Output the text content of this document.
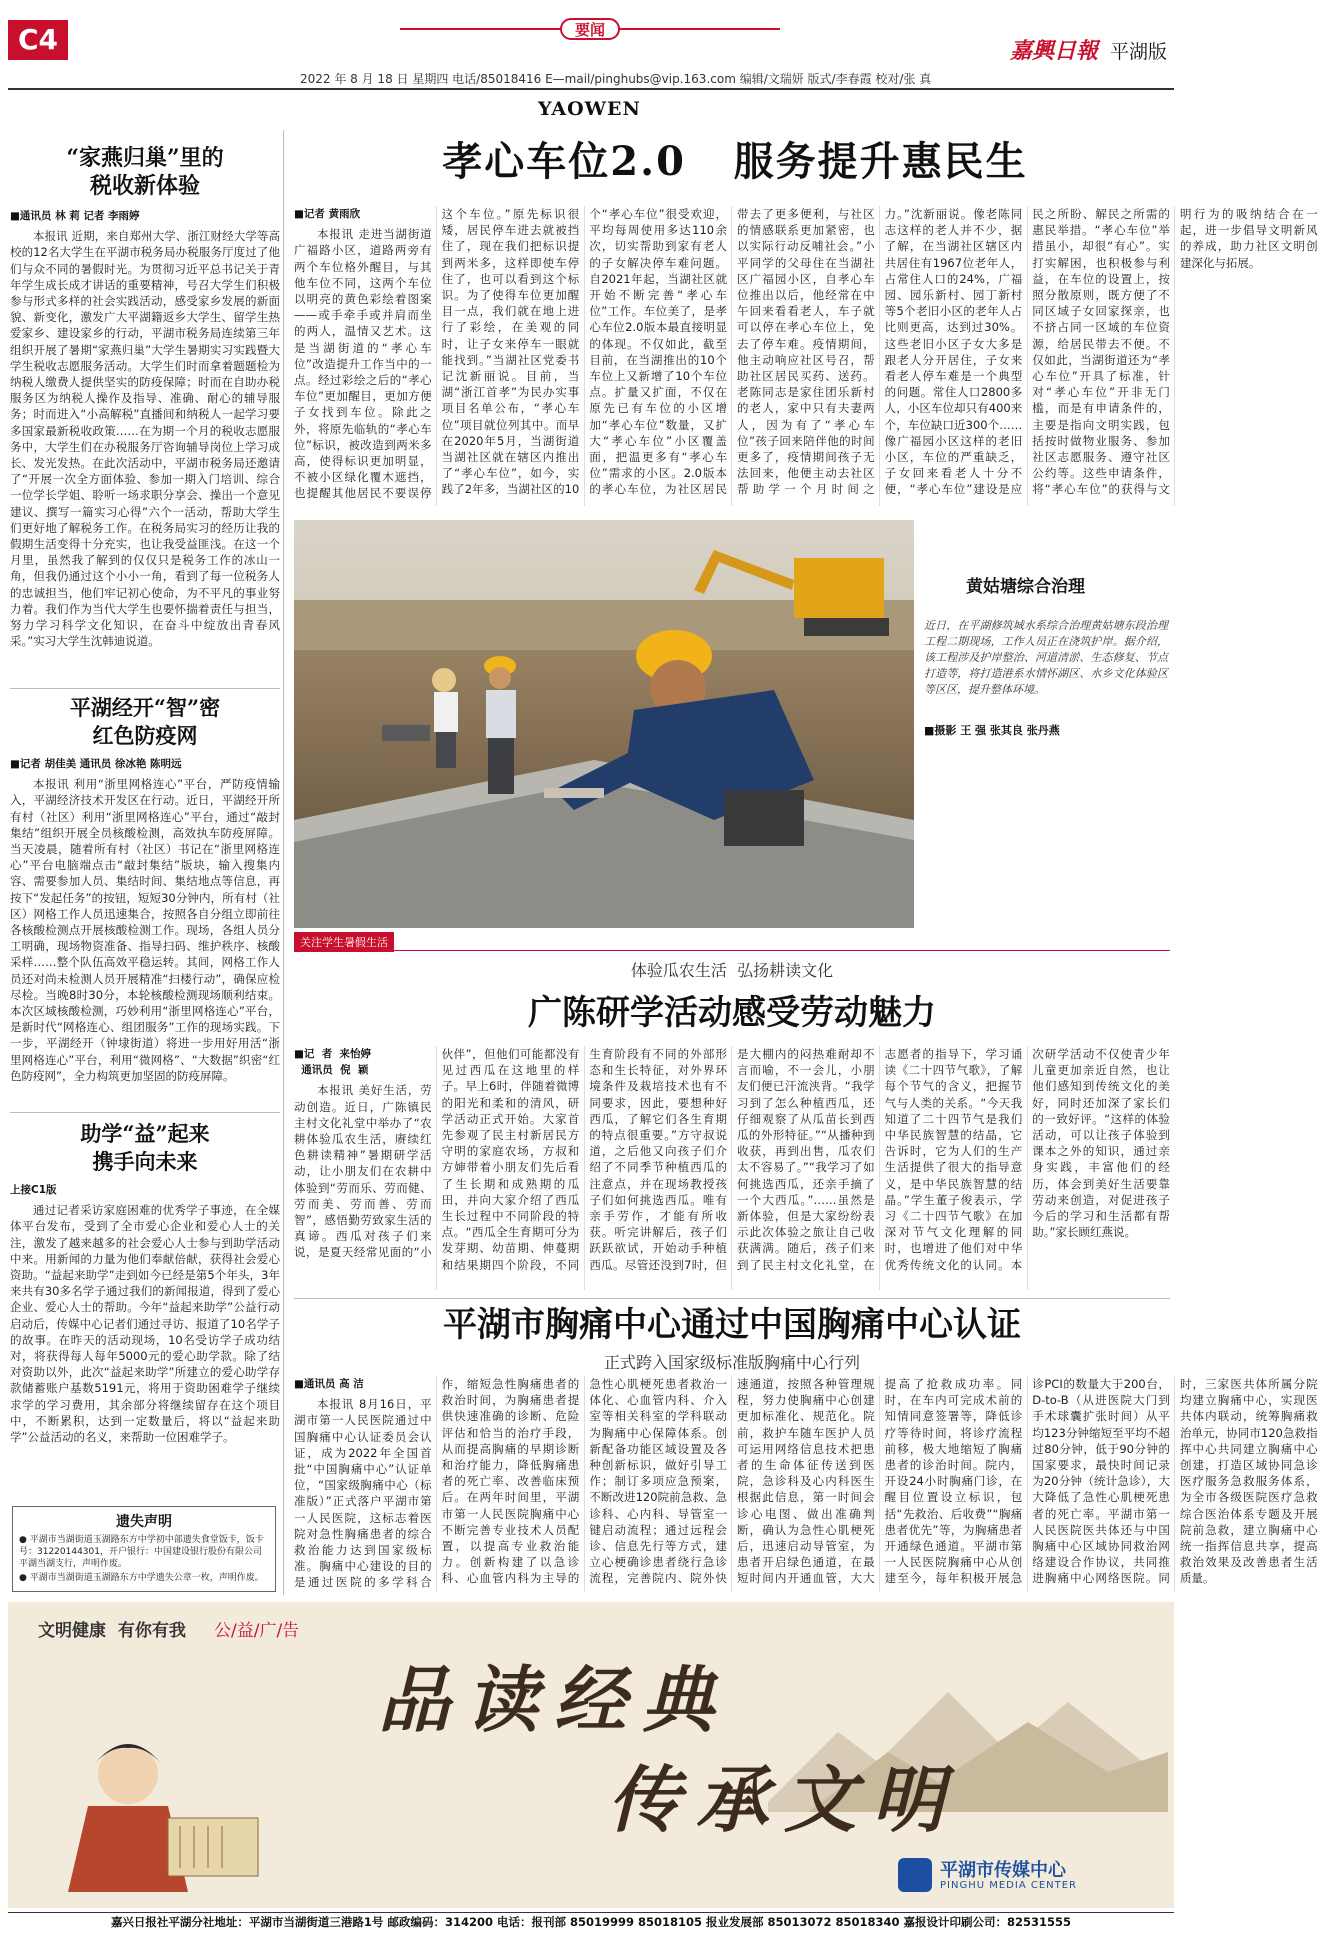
C4	要闻
嘉興日報 平湖版
2022 年 8 月 18 日 星期四 电话/85018416 E—mail/pinghubs@vip.163.com 编辑/文瑞妍 版式/李春霞 校对/张 真
YAOWEN
“家燕归巢”里的
税收新体验
■通讯员 林 莉 记者 李雨婷

本报讯 近期，来自郑州大学、浙江财经大学等高校的12名大学生在平湖市税务局办税服务厅度过了他们与众不同的暑假时光。为贯彻习近平总书记关于青年学生成长成才讲话的重要精神，号召大学生们积极参与形式多样的社会实践活动，感受家乡发展的新面貌、新变化，激发广大平湖籍返乡大学生、留学生热爱家乡、建设家乡的行动，平湖市税务局连续第三年组织开展了暑期“家燕归巢”大学生暑期实习实践暨大学生税收志愿服务活动。大学生们时而拿着题题检为纳税人缴费人提供坚实的防疫保障；时而在自助办税服务区为纳税人操作及指导、准确、耐心的辅导服务；时而进入“小高解税”直播间和纳税人一起学习要多国家最新税收政策……在为期一个月的税收志愿服务中，大学生们在办税服务厅咨询辅导岗位上学习成长、发光发热。在此次活动中，平湖市税务局还邀请了“开展一次全方面体验、参加一期入门培训、综合一位学长学姐、聆听一场求职分享会、操出一个意见建议、撰写一篇实习心得”六个一活动，帮助大学生们更好地了解税务工作。在税务局实习的经历让我的假期生活变得十分充实，也让我受益匪浅。在这一个月里，虽然我了解到的仅仅只是税务工作的冰山一角，但我仍通过这个小小一角，看到了每一位税务人的忠诚担当，他们牢记初心使命，为不平凡的事业努力着。我们作为当代大学生也要怀揣着责任与担当，努力学习科学文化知识，在奋斗中绽放出青春风采。”实习大学生沈韩迪说道。

平湖经开“智”密
红色防疫网
■记者 胡佳美 通讯员 徐冰艳 陈明远

本报讯 利用“浙里网格连心”平台，严防疫情输入，平湖经济技术开发区在行动。近日，平湖经开所有村（社区）利用“浙里网格连心”平台，通过“敲封集结”组织开展全员核酸检测，高效执车防疫屏障。当天凌晨，随着所有村（社区）书记在“浙里网格连心”平台电脑端点击“敲封集结”版块，输入搜集内容、需要参加人员、集结时间、集结地点等信息，再按下“发起任务”的按钮，短短30分钟内，所有村（社区）网格工作人员迅速集合，按照各自分组立即前往各核酸检测点开展核酸检测工作。现场，各组人员分工明确，现场物资准备、指导扫码、维护秩序、核酸采样……整个队伍高效平稳运转。其间，网格工作人员还对尚未检测人员开展精准“扫楼行动”，确保应检尽检。当晚8时30分，本轮核酸检测现场顺利结束。本次区域核酸检测，巧妙利用“浙里网格连心”平台，是新时代“网格连心、组团服务”工作的现场实践。下一步，平湖经开（钟埭街道）将进一步用好用活“浙里网格连心”平台，利用“微网格”、“大数据”织密“红色防疫网”，全力构筑更加坚固的防疫屏障。

助学“益”起来
携手向未来
上接C1版

通过记者采访家庭困难的优秀学子事迹，在全媒体平台发布，受到了全市爱心企业和爱心人士的关注，激发了越来越多的社会爱心人士参与到助学活动中来。用新闻的力量为他们奉献倍献，获得社会爱心资助。“益起来助学”走到如今已经是第5个年头，3年来共有30多名学子通过我们的新闻报道，得到了爱心企业、爱心人士的帮助。今年“益起来助学”公益行动启动后，传媒中心记者们通过寻访、报道了10名学子的故事。在昨天的活动现场，10名受访学子成功结对，将获得每人每年5000元的爱心助学款。除了结对资助以外，此次“益起来助学”所建立的爱心助学存款储蓄账户基数5191元，将用于资助困难学子继续求学的学习费用，其余部分将继续留存在这个项目中，不断累积，达到一定数量后，将以“益起来助学”公益活动的名义，来帮助一位困难学子。

遗失声明
● 平湖市当湖街道玉湖路东方中学初中部遗失食堂饭卡，饭卡号：31220144301，开户银行：中国建设银行股份有限公司平湖当湖支行，声明作废。
● 平湖市当湖街道玉湖路东方中学遗失公章一枚，声明作废。
孝心车位2.0   服务提升惠民生
■记者 黄雨欣

本报讯 走进当湖街道广福路小区，道路两旁有两个车位格外醒目，与其他车位不同，这两个车位以明亮的黄色彩绘着图案——或手牵手或并肩而坐的两人，温情又艺术。这是当湖街道的“孝心车位”改造提升工作当中的一点。经过彩绘之后的“孝心车位”更加醒目，更加方便子女找到车位。除此之外，将原先临轨的“孝心车位”标识，被改造到两米多高，使得标识更加明显，不被小区绿化覆木遮挡，也提醒其他居民不要误停这个车位。”原先标识很矮，居民停车进去就被挡住了，现在我们把标识提到两米多，这样即使车停住了，也可以看到这个标识。为了使得车位更加醒目一点，我们就在地上进行了彩绘，在美观的同时，让子女来停车一眼就能找到。”当湖社区党委书记沈新丽说。目前，当湖“浙江首孝”为民办实事项目名单公布，“孝心车位”项目就位列其中。而早在2020年5月，当湖街道当湖社区就在辖区内推出了“孝心车位”，如今，实践了2年多，当湖社区的10个“孝心车位”很受欢迎，平均每周使用多达110余次，切实帮助到家有老人的子女解决停车难问题。自2021年起，当湖社区就开始不断完善“孝心车位”工作。车位美了，是孝心车位2.0版本最直接明显的体现。不仅如此，截至目前，在当湖推出的10个车位上又新增了10个车位点。扩量又扩面，不仅在原先已有车位的小区增加“孝心车位”数量，又扩大“孝心车位”小区覆盖面，把温更多有“孝心车位”需求的小区。2.0版本的孝心车位，为社区居民带去了更多便利，与社区的情感联系更加紧密，也以实际行动反哺社会。”小平同学的父母住在当湖社区广福园小区，自孝心车位推出以后，他经常在中午回来看看老人，车子就可以停在孝心车位上，免去了停车难。疫情期间，他主动响应社区号召，帮助社区居民买药、送药。老陈同志是家住团乐新村的老人，家中只有夫妻两人，因为有了“孝心车位”孩子回来陪伴他的时间更多了，疫情期间孩子无法回来，他便主动去社区帮助学一个月时间之力。”沈新丽说。像老陈同志这样的老人并不少，据了解，在当湖社区辖区内共居住有1967位老年人，占常住人口的24%，广福园、园乐新村、园丁新村等5个老旧小区的老年人占比则更高，达到过30%。这些老旧小区子女大多是跟老人分开居住，子女来看老人停车难是一个典型的问题。常住人口2800多人，小区车位却只有400来个，车位缺口近300个……像广福园小区这样的老旧小区，车位的严重缺乏，子女回来看老人十分不便，“孝心车位”建设是应民之所盼、解民之所需的惠民举措。“孝心车位”举措虽小，却很“有心”。实打实解困，也积极参与利益，在车位的设置上，按照分散原则，既方便了不同区域子女回家探亲，也不挤占同一区域的车位资源，给居民带去不便。不仅如此，当湖街道还为“孝心车位”开具了标准，针对“孝心车位”开非无门槛，而是有申请条件的，主要是指向文明实践，包括按时做物业服务、参加社区志愿服务、遵守社区公约等。这些申请条件，将“孝心车位”的获得与文明行为的吸纳结合在一起，进一步倡导文明新风的养成，助力社区文明创建深化与拓展。

黄姑塘综合治理
近日，在平湖修筑城水系综合治理黄姑塘东段治理工程二期现场，工作人员正在浇筑护岸。据介绍，该工程涉及护岸整治、河道清淤、生态修复、节点打造等，将打造港系水情怀湖区、水乡文化体验区等区区，提升整体环境。
■摄影 王 强 张其良 张丹燕
关注学生暑假生活
体验瓜农生活  弘扬耕读文化
广陈研学活动感受劳动魅力
■记  者  来怡婷
通讯员  倪  颖

本报讯 美好生活，劳动创造。近日，广陈镇民主村文化礼堂中举办了“农耕体验瓜农生活，赓续红色耕读精神”暑期研学活动，让小朋友们在农耕中体验到“劳而乐、劳而健、劳而美、劳而善、劳而智”，感悟勤劳致家生活的真谛。西瓜对孩子们来说，是夏天经常见面的“小伙伴”，但他们可能都没有见过西瓜在这地里的样子。早上6时，伴随着微博的阳光和柔和的清风，研学活动正式开始。大家首先参观了民主村新居民方守明的家庭农场，方叔和方婶带着小朋友们先后看了生长期和成熟期的瓜田，并向大家介绍了西瓜生长过程中不同阶段的特点。“西瓜全生育期可分为发芽期、幼苗期、伸蔓期和结果期四个阶段，不同生育阶段有不同的外部形态和生长特征，对外界环境条件及栽培技术也有不同要求，因此，要想种好西瓜，了解它们各生育期的特点很重要。”方守叔说道，之后他又向孩子们介绍了不同季节种植西瓜的注意点，并在现场教授孩子们如何挑选西瓜。唯有亲手劳作，才能有所收获。听完讲解后，孩子们跃跃欲试，开始动手种植西瓜。尽管还没到7时，但是大棚内的闷热难耐却不言而喻，不一会儿，小朋友们便已汗流浃背。“我学习到了怎么种植西瓜，还仔细观察了从瓜苗长到西瓜的外形特征。”“从播种到收获，再到出售，瓜农们太不容易了。”“我学习了如何挑选西瓜，还亲手摘了一个大西瓜。”……虽然是新体验，但是大家纷纷表示此次体验之旅让自己收获满满。随后，孩子们来到了民主村文化礼堂，在志愿者的指导下，学习诵读《二十四节气歌》，了解每个节气的含义，把握节气与人类的关系。“今天我知道了二十四节气是我们中华民族智慧的结晶，它告诉时，它为人们的生产生活提供了很大的指导意义，是中华民族智慧的结晶。”学生董子俊表示，学习《二十四节气歌》在加深对节气文化理解的同时，也增进了他们对中华优秀传统文化的认同。本次研学活动不仅使青少年儿童更加亲近自然，也让他们感知到传统文化的美好，同时还加深了家长们的一致好评。“这样的体验活动，可以让孩子体验到课本之外的知识，通过亲身实践，丰富他们的经历，体会到美好生活要靠劳动来创造，对促进孩子今后的学习和生活都有帮助。”家长顾红燕说。

平湖市胸痛中心通过中国胸痛中心认证
正式跨入国家级标准版胸痛中心行列
■通讯员 高 洁

本报讯 8月16日，平湖市第一人民医院通过中国胸痛中心认证委员会认证，成为2022年全国首批“中国胸痛中心”认证单位，“国家级胸痛中心（标准版）”正式落户平湖市第一人民医院，这标志着医院对急性胸痛患者的综合救治能力达到国家级标准。胸痛中心建设的目的是通过医院的多学科合作，缩短急性胸痛患者的救治时间，为胸痛患者提供快速准确的诊断、危险评估和恰当的治疗手段，从而提高胸痛的早期诊断和治疗能力，降低胸痛患者的死亡率、改善临床预后。在两年时间里，平湖市第一人民医院胸痛中心不断完善专业技术人员配置，以提高专业救治能力。创新构建了以急诊科、心血管内科为主导的急性心肌梗死患者救治一体化、心血管内科、介入室等相关科室的学科联动为胸痛中心保障体系。创新配备功能区域设置及各种创新标识，做好引导工作；制订多项应急预案，不断改进120院前急救、急诊科、心内科、导管室一键启动流程；通过远程会诊、信息先行等方式，建立心梗确诊患者绕行急诊流程，完善院内、院外快速通道，按照各种管理规程，努力使胸痛中心创建更加标准化、规范化。院前，救护车随车医护人员可运用网络信息技术把患者的生命体征传送到医院，急诊科及心内科医生根据此信息，第一时间会诊心电图、做出准确判断，确认为急性心肌梗死后，迅速启动导管室，为患者开启绿色通道，在最短时间内开通血管，大大提高了抢救成功率。同时，在车内可完成术前的知情同意签署等，降低诊疗等待时间，将诊疗流程前移，极大地缩短了胸痛患者的诊治时间。院内，开设24小时胸痛门诊，在醒目位置设立标识，包括“先救治、后收费”“胸痛患者优先”等，为胸痛患者开通绿色通道。平湖市第一人民医院胸痛中心从创建至今，每年积极开展急诊PCI的数量大于200台，D-to-B（从进医院大门到手术球囊扩张时间）从平均123分钟缩短至平均不超过80分钟，低于90分钟的国家要求，最快时间记录为20分钟（统计急诊），大大降低了急性心肌梗死患者的死亡率。平湖市第一人民医院医共体还与中国胸痛中心区域协同救治网络建设合作协议，共同推进胸痛中心网络医院。同时，三家医共体所属分院均建立胸痛中心，实现医共体内联动，统筹胸痛救治单元，协同市120急救指挥中心共同建立胸痛中心创建，打造区域协同急诊医疗服务急救服务体系，为全市各级医院医疗急救综合医治体系专题及开展院前急救，建立胸痛中心统一指挥信息共享，提高救治效果及改善患者生活质量。

文明健康  有你有我 公/益/广/告
品读经典
传承文明
平湖市传媒中心
PINGHU MEDIA CENTER
嘉兴日报社平湖分社地址：平湖市当湖街道三港路1号 邮政编码：314200 电话：报刊部 85019999 85018105 报业发展部 85013072 85018340 嘉报设计印刷公司：82531555
